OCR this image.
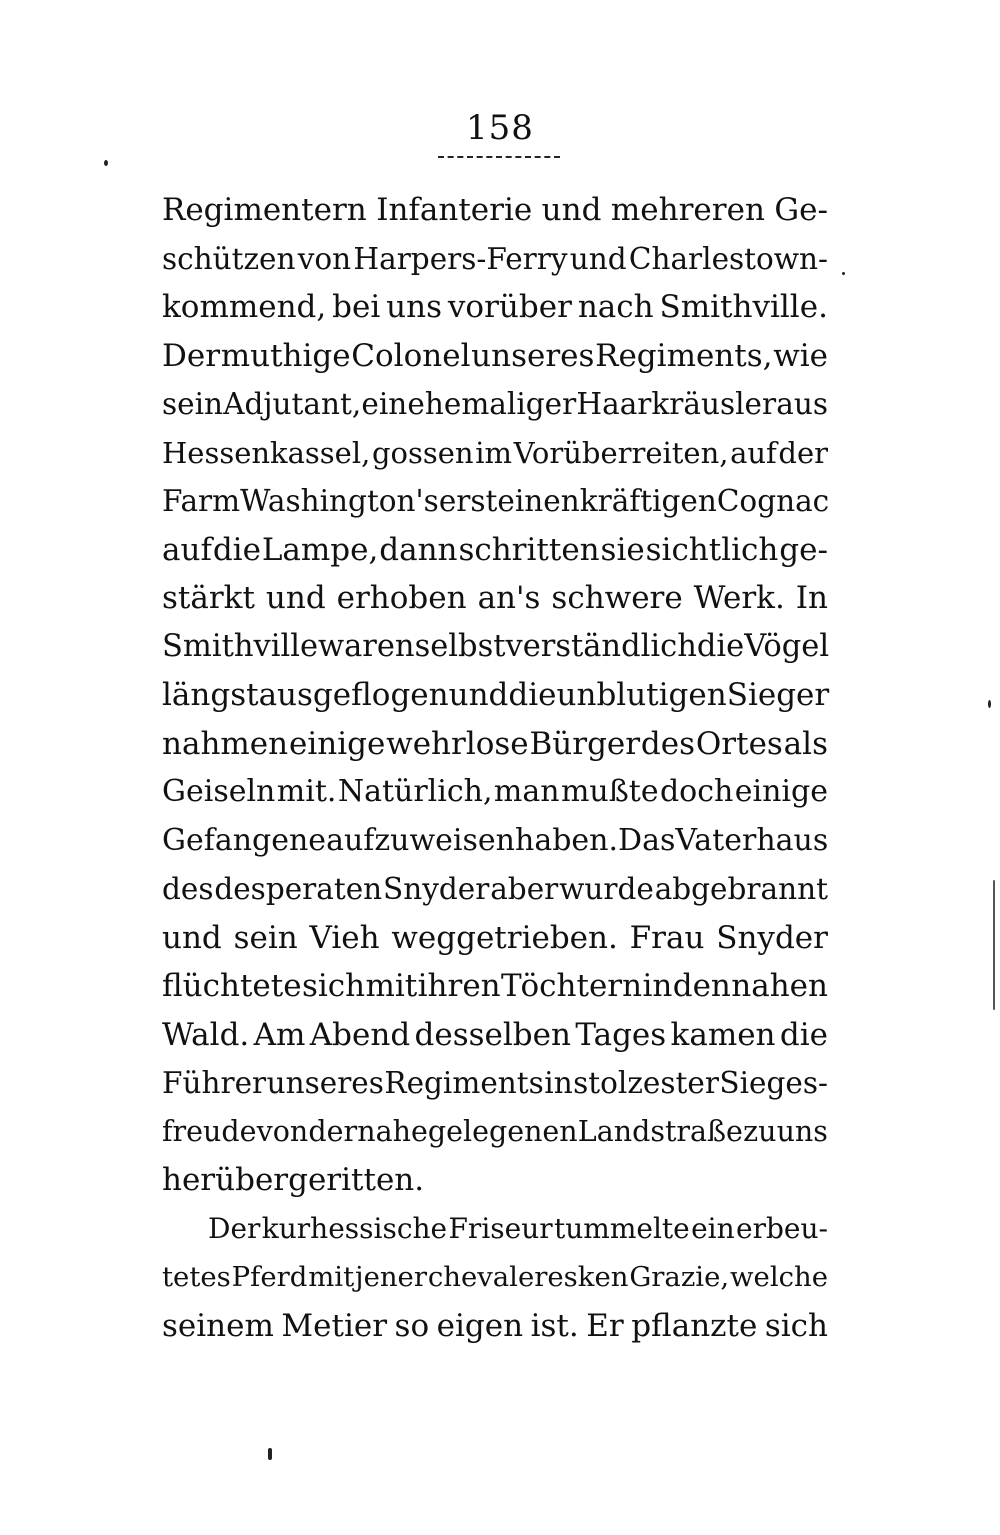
158
Regimentern Infanterie und mehreren Ge-
schützen von Harpers-Ferry und Charlestown-
kommend, bei uns vorüber nach Smithville.
Der muthige Colonel unseres Regiments, wie
sein Adjutant, ein ehemaliger Haarkräusler aus
Hessenkassel, gossen im Vorüberreiten, auf der
Farm Washington's erst einen kräftigen Cognac
auf die Lampe, dann schritten sie sichtlich ge-
stärkt und erhoben an's schwere Werk. In
Smithville waren selbstverständlich die Vögel
längst ausgeflogen und die unblutigen Sieger
nahmen einige wehrlose Bürger des Ortes als
Geiseln mit. Natürlich, man mußte doch einige
Gefangene aufzuweisen haben. Das Vaterhaus
des desperaten Snyder aber wurde abgebrannt
und sein Vieh weggetrieben. Frau Snyder
flüchtete sich mit ihren Töchtern in den nahen
Wald. Am Abend desselben Tages kamen die
Führer unseres Regiments in stolzester Sieges-
freude von der nahegelegenen Landstraße zu uns
herübergeritten.
Der kurhessische Friseur tummelte ein erbeu-
tetes Pferd mit jener chevaleresken Grazie, welche
seinem Metier so eigen ist. Er pflanzte sich
